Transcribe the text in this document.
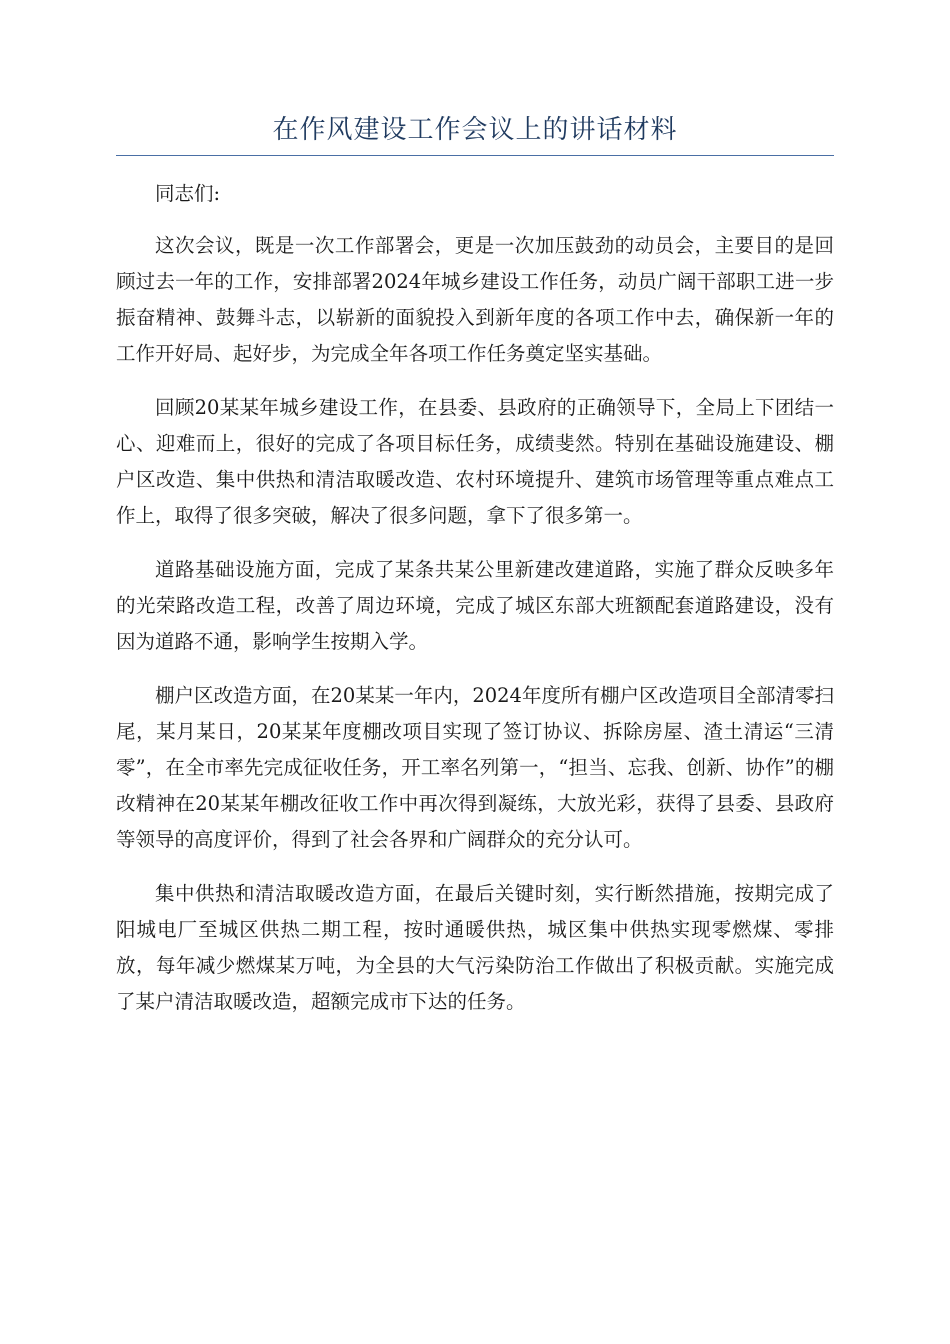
在作风建设工作会议上的讲话材料

同志们:

这次会议，既是一次工作部署会，更是一次加压鼓劲的动员会，主要目的是回顾过去一年的工作，安排部署2024年城乡建设工作任务，动员广阔干部职工进一步振奋精神、鼓舞斗志，以崭新的面貌投入到新年度的各项工作中去，确保新一年的工作开好局、起好步，为完成全年各项工作任务奠定坚实基础。

回顾20某某年城乡建设工作，在县委、县政府的正确领导下，全局上下团结一心、迎难而上，很好的完成了各项目标任务，成绩斐然。特别在基础设施建设、棚户区改造、集中供热和清洁取暖改造、农村环境提升、建筑市场管理等重点难点工作上，取得了很多突破，解决了很多问题，拿下了很多第一。

道路基础设施方面，完成了某条共某公里新建改建道路，实施了群众反映多年的光荣路改造工程，改善了周边环境，完成了城区东部大班额配套道路建设，没有因为道路不通，影响学生按期入学。

棚户区改造方面，在20某某一年内，2024年度所有棚户区改造项目全部清零扫尾，某月某日，20某某年度棚改项目实现了签订协议、拆除房屋、渣土清运“三清零”，在全市率先完成征收任务，开工率名列第一，“担当、忘我、创新、协作”的棚改精神在20某某年棚改征收工作中再次得到凝练，大放光彩，获得了县委、县政府等领导的高度评价，得到了社会各界和广阔群众的充分认可。

集中供热和清洁取暖改造方面，在最后关键时刻，实行断然措施，按期完成了阳城电厂至城区供热二期工程，按时通暖供热，城区集中供热实现零燃煤、零排放，每年减少燃煤某万吨，为全县的大气污染防治工作做出了积极贡献。实施完成了某户清洁取暖改造，超额完成市下达的任务。
